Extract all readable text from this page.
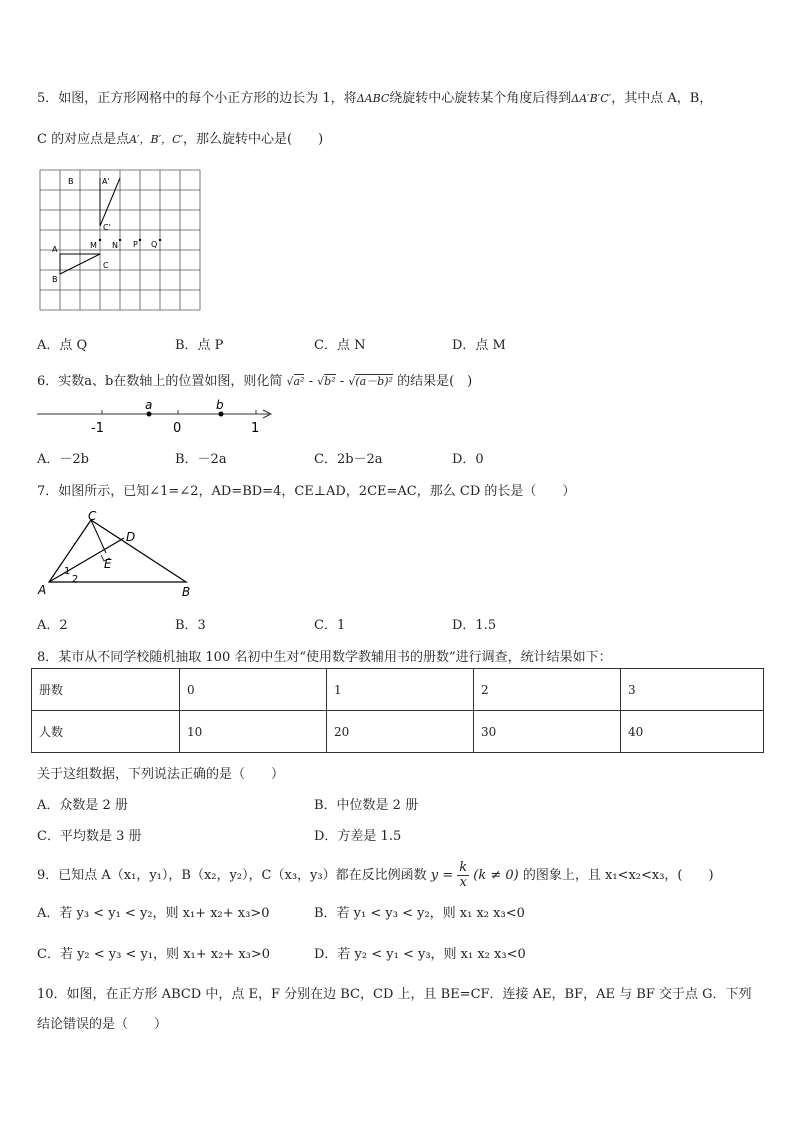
5．如图，正方形网格中的每个小正方形的边长为 1，将ΔABC绕旋转中心旋转某个角度后得到ΔA′B′C′，其中点 A，B，
C 的对应点是点A′，B′，C′，那么旋转中心是(　　)
B	A'
C'
A	M N P Q
B
C
A．点 Q	B．点 P	C．点 N	D．点 M
6．实数a、b在数轴上的位置如图，则化简 √a² - √b² - √(a－b)² 的结果是(　)
-1	0	1
a	b
A．－2b	B．－2a	C．2b－2a	D．0
7．如图所示，已知∠1=∠2，AD=BD=4，CE⊥AD，2CE=AC，那么 CD 的长是（　　）
C
D
E
A	B
1
2
A．2	B．3	C．1	D．1.5
8．某市从不同学校随机抽取 100 名初中生对“使用数学教辅用书的册数”进行调查，统计结果如下：
册数	0	1	2	3
人数	10	20	30	40
关于这组数据，下列说法正确的是（　　）
A．众数是 2 册	B．中位数是 2 册
C．平均数是 3 册	D．方差是 1.5
9．已知点 A（x₁，y₁），B（x₂，y₂），C（x₃，y₃）都在反比例函数 $y = \frac{k}{x} (k \ne 0)$ 的图象上，且 x₁<x₂<x₃，(　　)
A．若 y₃ < y₁ < y₂，则 x₁+ x₂+ x₃>0	B．若 y₁ < y₃ < y₂，则 x₁ x₂ x₃<0
C．若 y₂ < y₃ < y₁，则 x₁+ x₂+ x₃>0	D．若 y₂ < y₁ < y₃，则 x₁ x₂ x₃<0
10．如图，在正方形 ABCD 中，点 E，F 分别在边 BC，CD 上，且 BE=CF．连接 AE，BF，AE 与 BF 交于点 G．下列
结论错误的是（　　）
